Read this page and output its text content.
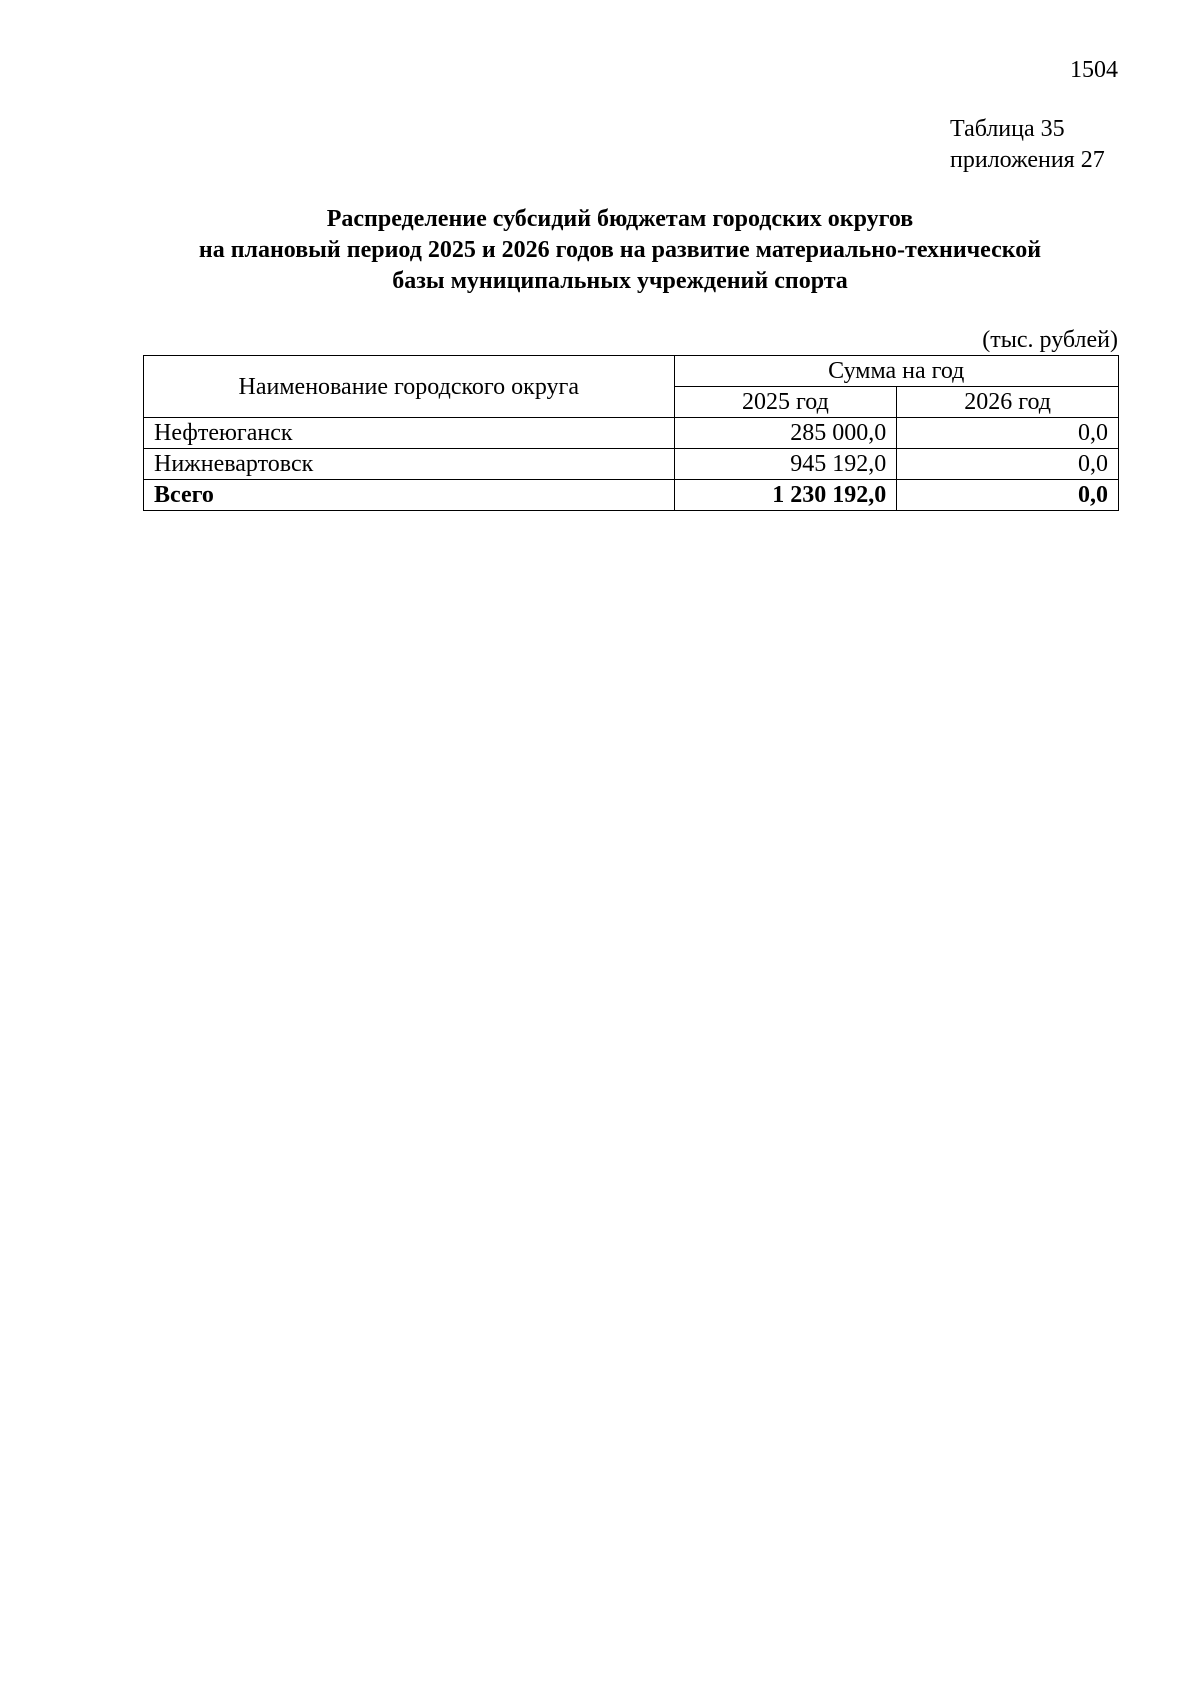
1504
Таблица 35
приложения 27
Распределение субсидий бюджетам городских округов
на плановый период 2025 и 2026 годов на развитие материально-технической
базы муниципальных учреждений спорта
(тыс. рублей)
Наименование городского округа	Сумма на год	
	2025 год	2026 год
Нефтеюганск	285 000,0	0,0
Нижневартовск	945 192,0	0,0
Всего	1 230 192,0	0,0
